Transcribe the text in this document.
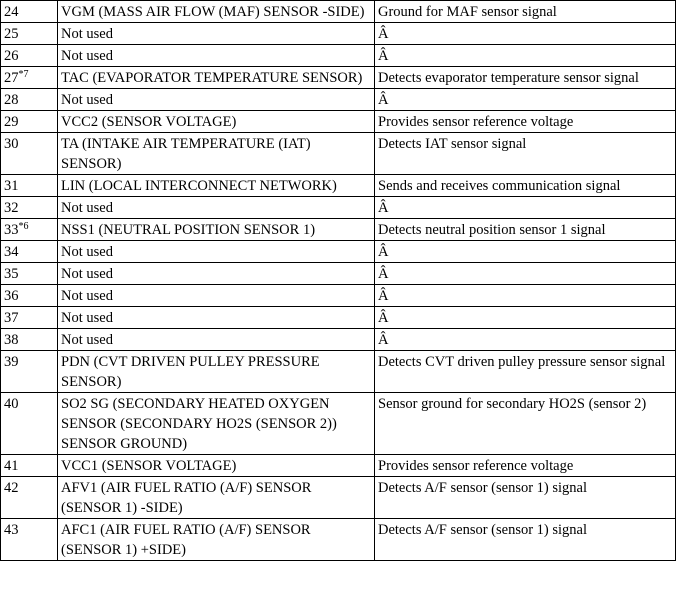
24	VGM (MASS AIR FLOW (MAF) SENSOR -SIDE)	Ground for MAF sensor signal
25	Not used	Â
26	Not used	Â
27$^{*7}$	TAC (EVAPORATOR TEMPERATURE SENSOR)	Detects evaporator temperature sensor signal
28	Not used	Â
29	VCC2 (SENSOR VOLTAGE)	Provides sensor reference voltage
30	TA (INTAKE AIR TEMPERATURE (IAT) SENSOR)	Detects IAT sensor signal
31	LIN (LOCAL INTERCONNECT NETWORK)	Sends and receives communication signal
32	Not used	Â
33$^{*6}$	NSS1 (NEUTRAL POSITION SENSOR 1)	Detects neutral position sensor 1 signal
34	Not used	Â
35	Not used	Â
36	Not used	Â
37	Not used	Â
38	Not used	Â
39	PDN (CVT DRIVEN PULLEY PRESSURE SENSOR)	Detects CVT driven pulley pressure sensor signal
40	SO2 SG (SECONDARY HEATED OXYGEN SENSOR (SECONDARY HO2S (SENSOR 2)) SENSOR GROUND)	Sensor ground for secondary HO2S (sensor 2)
41	VCC1 (SENSOR VOLTAGE)	Provides sensor reference voltage
42	AFV1 (AIR FUEL RATIO (A/F) SENSOR (SENSOR 1) -SIDE)	Detects A/F sensor (sensor 1) signal
43	AFC1 (AIR FUEL RATIO (A/F) SENSOR (SENSOR 1) +SIDE)	Detects A/F sensor (sensor 1) signal
